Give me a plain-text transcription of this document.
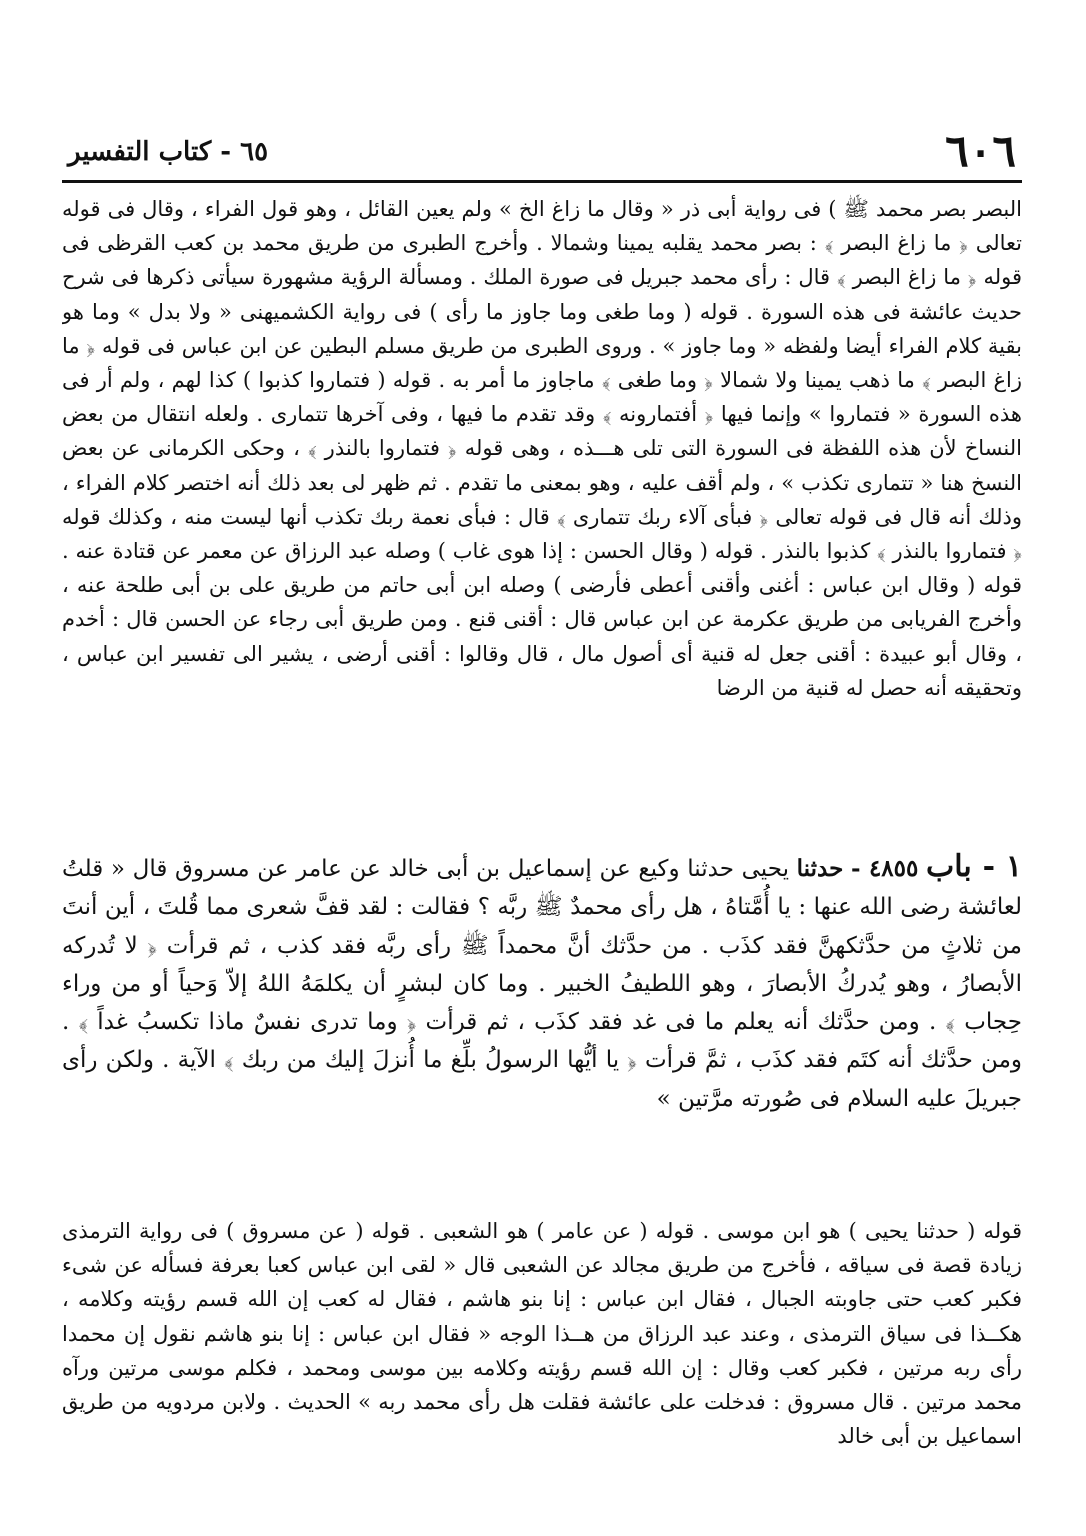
٦٠٦
٦٥ - كتاب التفسير

البصر بصر محمد ﷺ ) فى رواية أبى ذر « وقال ما زاغ الخ » ولم يعين القائل ، وهو قول الفراء ، وقال فى قوله تعالى ﴿ ما زاغ البصر ﴾ : بصر محمد يقلبه يمينا وشمالا . وأخرج الطبرى من طريق محمد بن كعب القرظى فى قوله ﴿ ما زاغ البصر ﴾ قال : رأى محمد جبريل فى صورة الملك . ومسألة الرؤية مشهورة سيأتى ذكرها فى شرح حديث عائشة فى هذه السورة . قوله ( وما طغى وما جاوز ما رأى ) فى رواية الكشميهنى « ولا بدل » وما هو بقية كلام الفراء أيضا ولفظه « وما جاوز » . وروى الطبرى من طريق مسلم البطين عن ابن عباس فى قوله ﴿ ما زاغ البصر ﴾ ما ذهب يمينا ولا شمالا ﴿ وما طغى ﴾ ماجاوز ما أمر به . قوله ( فتماروا كذبوا ) كذا لهم ، ولم أر فى هذه السورة « فتماروا » وإنما فيها ﴿ أفتمارونه ﴾ وقد تقدم ما فيها ، وفى آخرها تتمارى . ولعله انتقال من بعض النساخ لأن هذه اللفظة فى السورة التى تلى هـــذه ، وهى قوله ﴿ فتماروا بالنذر ﴾ ، وحكى الكرمانى عن بعض النسخ هنا « تتمارى تكذب » ، ولم أقف عليه ، وهو بمعنى ما تقدم . ثم ظهر لى بعد ذلك أنه اختصر كلام الفراء ، وذلك أنه قال فى قوله تعالى ﴿ فبأى آلاء ربك تتمارى ﴾ قال : فبأى نعمة ربك تكذب أنها ليست منه ، وكذلك قوله ﴿ فتماروا بالنذر ﴾ كذبوا بالنذر . قوله ( وقال الحسن : إذا هوى غاب ) وصله عبد الرزاق عن معمر عن قتادة عنه . قوله ( وقال ابن عباس : أغنى وأقنى أعطى فأرضى ) وصله ابن أبى حاتم من طريق على بن أبى طلحة عنه ، وأخرج الفريابى من طريق عكرمة عن ابن عباس قال : أقنى قنع . ومن طريق أبى رجاء عن الحسن قال : أخدم ، وقال أبو عبيدة : أقنى جعل له قنية أى أصول مال ، قال وقالوا : أقنى أرضى ، يشير الى تفسير ابن عباس ، وتحقيقه أنه حصل له قنية من الرضا

١ - باب ٤٨٥٥ - حدثنا يحيى حدثنا وكيع عن إسماعيل بن أبى خالد عن عامر عن مسروق قال « قلتُ لعائشة رضى الله عنها : يا أُمَّتاهُ ، هل رأى محمدٌ ﷺ ربَّه ؟ فقالت : لقد قفَّ شعرى مما قُلتَ ، أين أنتَ من ثلاثٍ من حدَّثكهنَّ فقد كذَب . من حدَّثك أنَّ محمداً ﷺ رأى ربَّه فقد كذب ، ثم قرأت ﴿ لا تُدركه الأبصارُ ، وهو يُدركُ الأبصارَ ، وهو اللطيفُ الخبير . وما كان لبشرٍ أن يكلمَهُ اللهُ إلاّ وَحياً أو من وراء حِجاب ﴾ . ومن حدَّثك أنه يعلم ما فى غد فقد كذَب ، ثم قرأت ﴿ وما تدرى نفسٌ ماذا تكسبُ غداً ﴾ . ومن حدَّثك أنه كتَم فقد كذَب ، ثمَّ قرأت ﴿ يا أيُّها الرسولُ بلِّغ ما أُنزلَ إليك من ربك ﴾ الآية . ولكن رأى جبريلَ عليه السلام فى صُورته مرَّتين »

قوله ( حدثنا يحيى ) هو ابن موسى . قوله ( عن عامر ) هو الشعبى . قوله ( عن مسروق ) فى رواية الترمذى زيادة قصة فى سياقه ، فأخرج من طريق مجالد عن الشعبى قال « لقى ابن عباس كعبا بعرفة فسأله عن شىء فكبر كعب حتى جاوبته الجبال ، فقال ابن عباس : إنا بنو هاشم ، فقال له كعب إن الله قسم رؤيته وكلامه ، هكــذا فى سياق الترمذى ، وعند عبد الرزاق من هــذا الوجه « فقال ابن عباس : إنا بنو هاشم نقول إن محمدا رأى ربه مرتين ، فكبر كعب وقال : إن الله قسم رؤيته وكلامه بين موسى ومحمد ، فكلم موسى مرتين ورآه محمد مرتين . قال مسروق : فدخلت على عائشة فقلت هل رأى محمد ربه » الحديث . ولابن مردويه من طريق اسماعيل بن أبى خالد
